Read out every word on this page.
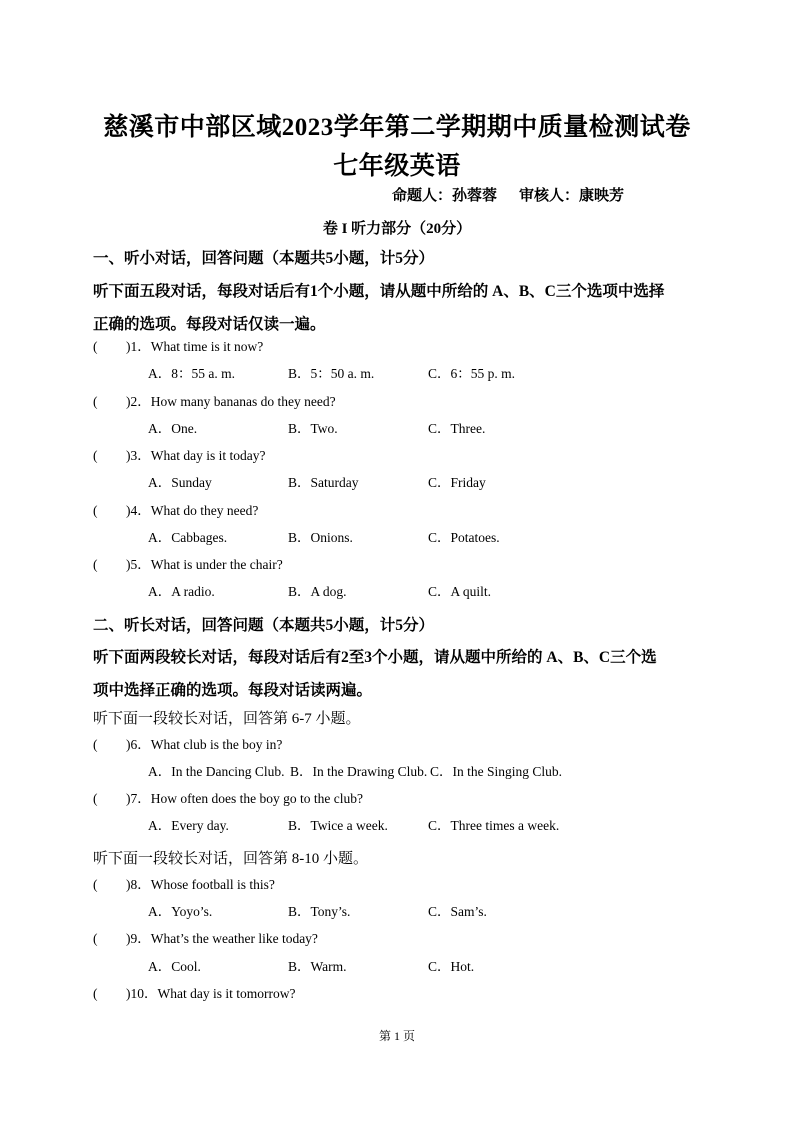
慈溪市中部区域2023学年第二学期期中质量检测试卷
七年级英语
命题人：孙蓉蓉 审核人：康映芳
卷 I 听力部分（20分）
一、听小对话，回答问题（本题共5小题，计5分）
听下面五段对话，每段对话后有1个小题，请从题中所给的 A、B、C三个选项中选择
正确的选项。每段对话仅读一遍。
( )1．What time is it now?
A．8：55 a. m.	B．5：50 a. m.	C．6：55 p. m.
( )2．How many bananas do they need?
A．One.	B．Two.	C．Three.
( )3．What day is it today?
A．Sunday	B．Saturday	C．Friday
( )4．What do they need?
A．Cabbages.	B．Onions.	C．Potatoes.
( )5．What is under the chair?
A．A radio.	B．A dog.	C．A quilt.
二、听长对话，回答问题（本题共5小题，计5分）
听下面两段较长对话，每段对话后有2至3个小题，请从题中所给的 A、B、C三个选
项中选择正确的选项。每段对话读两遍。
听下面一段较长对话，回答第 6-7 小题。
( )6．What club is the boy in?
A．In the Dancing Club. B．In the Drawing Club. C．In the Singing Club.
( )7．How often does the boy go to the club?
A．Every day.	B．Twice a week.	C．Three times a week.
听下面一段较长对话，回答第 8-10 小题。
( )8．Whose football is this?
A．Yoyo’s.	B．Tony’s.	C．Sam’s.
( )9．What’s the weather like today?
A．Cool.	B．Warm.	C．Hot.
( )10．What day is it tomorrow?
第 1 页
